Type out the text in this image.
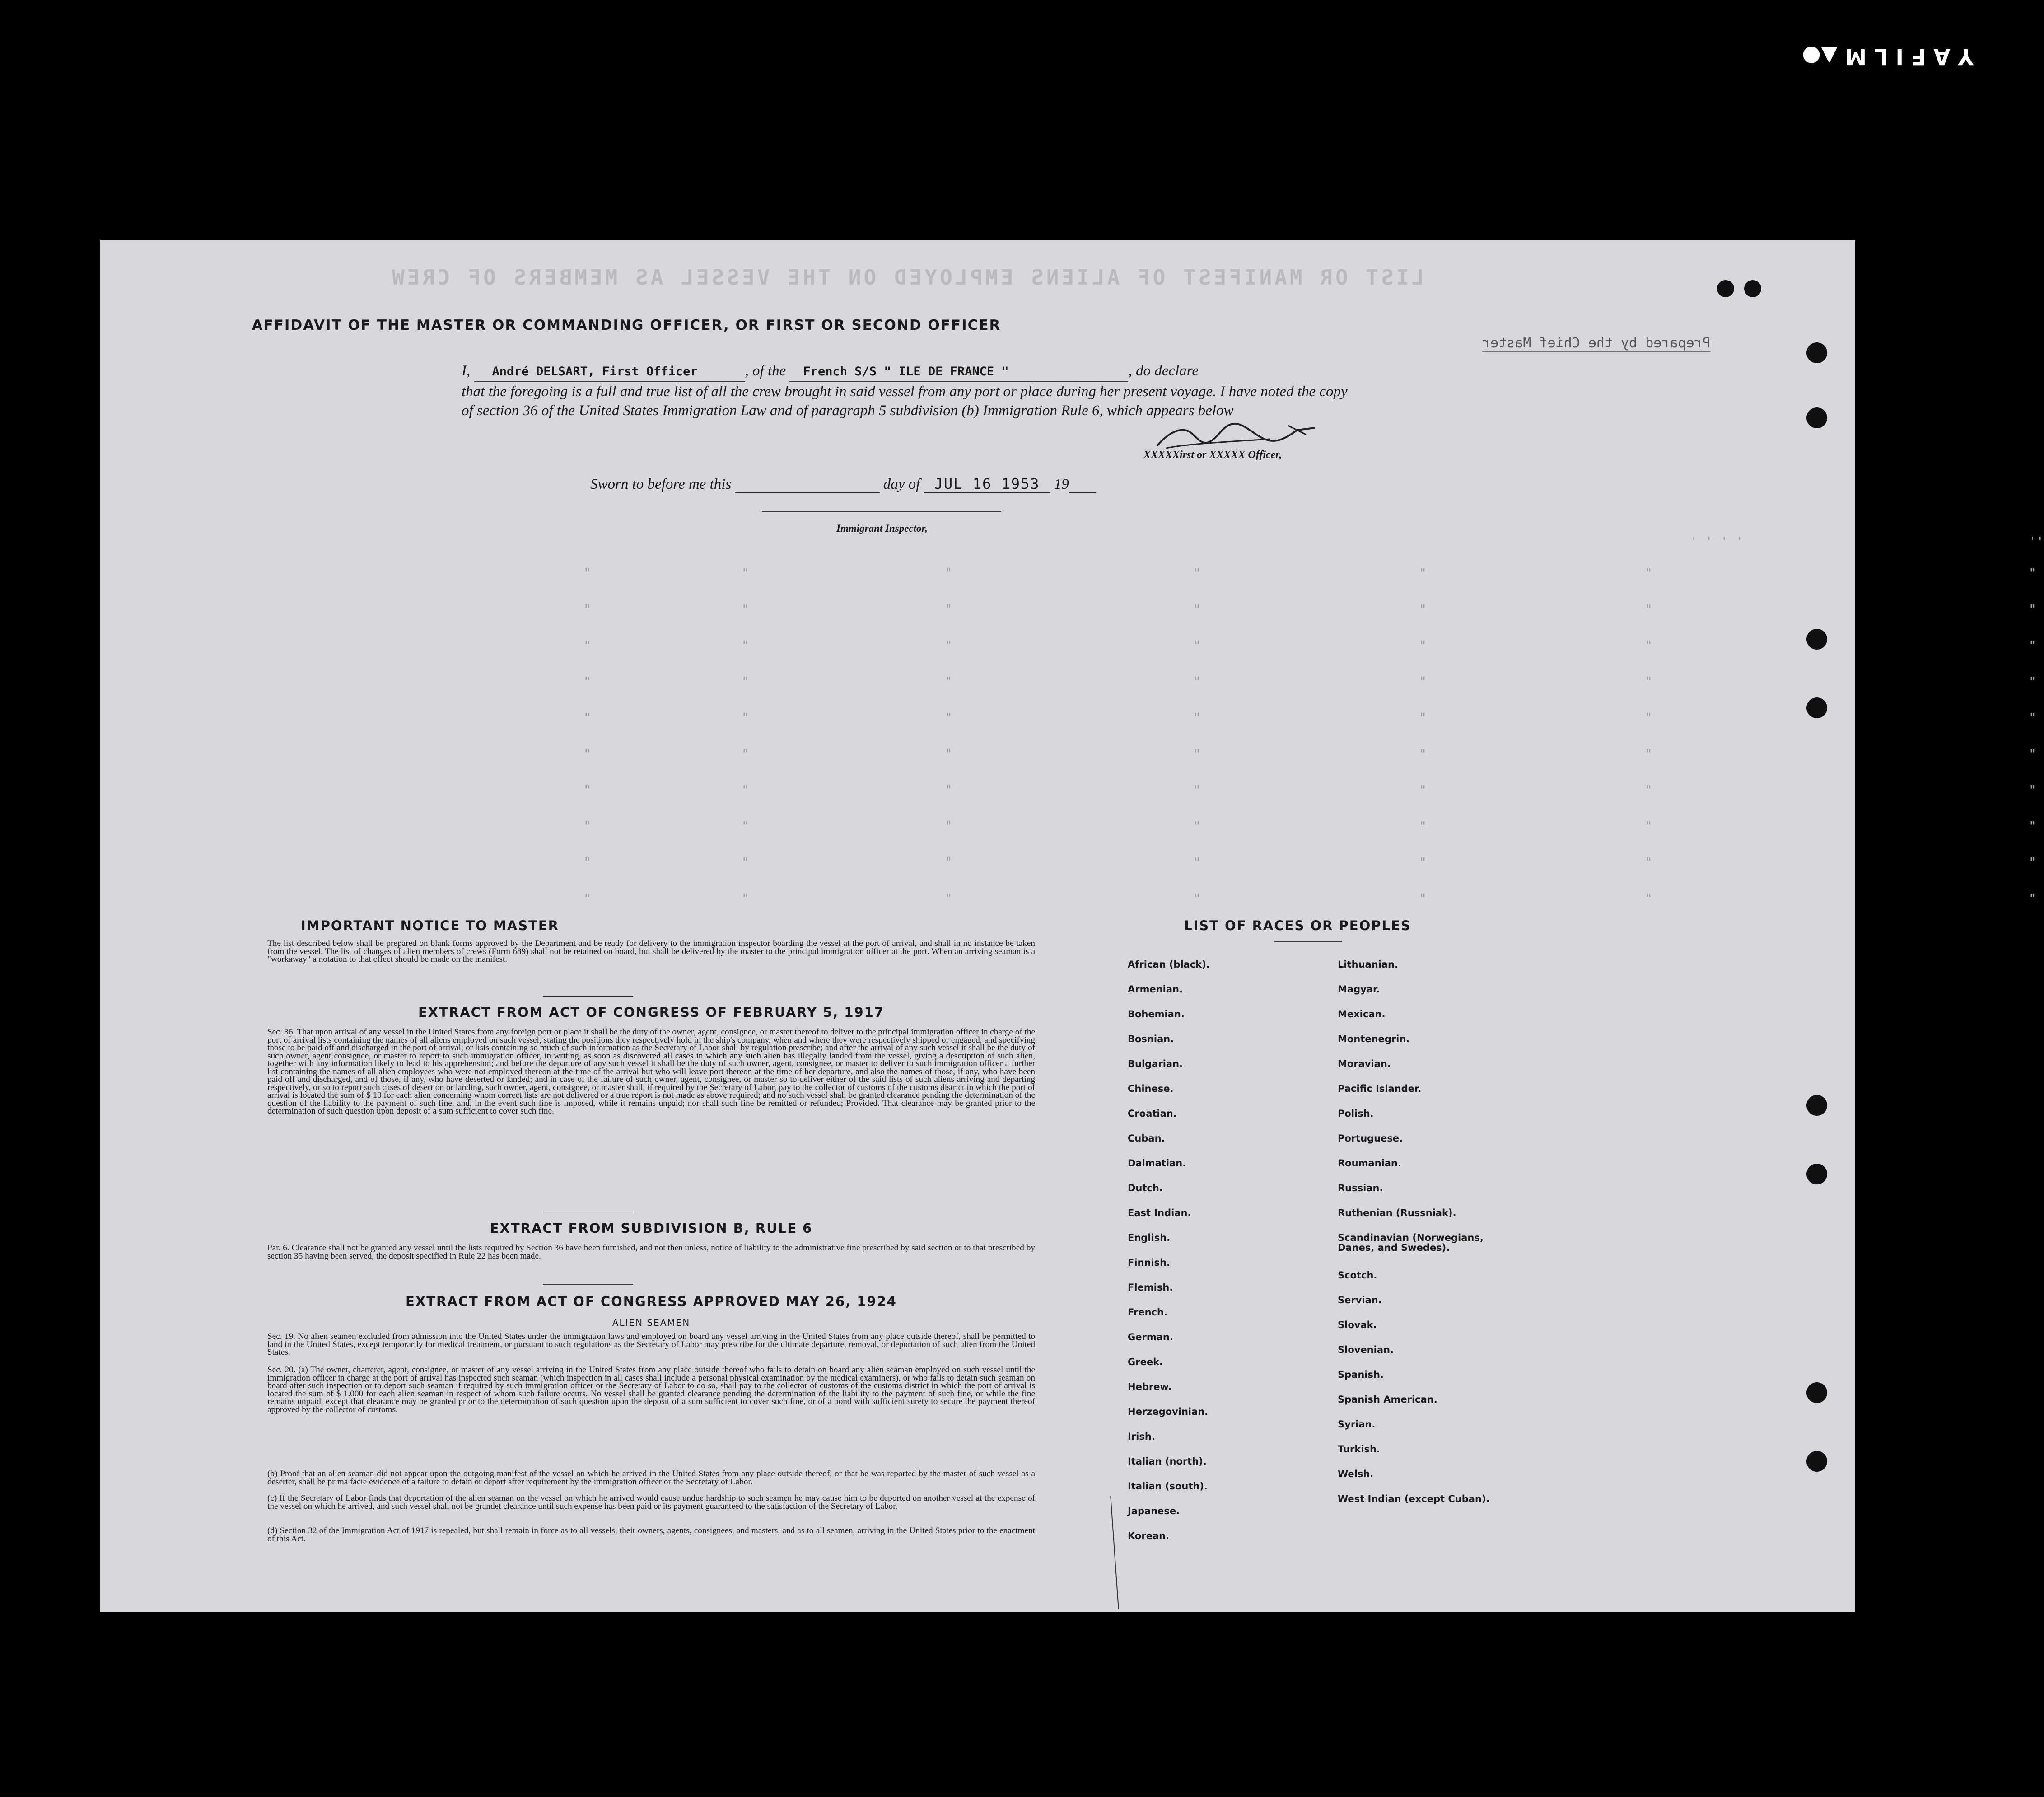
Y A F I L M ▲●
LIST OR MANIFEST OF ALIENS EMPLOYED ON THE VESSEL AS MEMBERS OF CREW
Prepared by the Chief Master
' ' ' '	''
"	"	"	"	"	"	"
"	"	"	"	"	"	"
"	"	"	"	"	"	"
"	"	"	"	"	"	"
"	"	"	"	"	"	"
"	"	"	"	"	"	"
"	"	"	"	"	"	"
"	"	"	"	"	"	"
"	"	"	"	"	"	"
"	"	"	"	"	"	"
AFFIDAVIT OF THE MASTER OR COMMANDING OFFICER, OR FIRST OR SECOND OFFICER
I, André DELSART, First Officer	, of the French S/S " ILE DE FRANCE "	, do declare
that the foregoing is a full and true list of all the crew brought in said vessel from any port or place during her present voyage. I have noted the copy of section 36 of the United States Immigration Law and of paragraph 5 subdivision (b) Immigration Rule 6, which appears below
XXXXXirst or XXXXX Officer,
Sworn to before me this	day of JUL 16 1953 19
Immigrant Inspector,
IMPORTANT NOTICE TO MASTER
The list described below shall be prepared on blank forms approved by the Department and be ready for delivery to the immigration inspector boarding the vessel at the port of arrival, and shall in no instance be taken from the vessel. The list of changes of alien members of crews (Form 689) shall not be retained on board, but shall be delivered by the master to the principal immigration officer at the port. When an arriving seaman is a "workaway" a notation to that effect should be made on the manifest.
EXTRACT FROM ACT OF CONGRESS OF FEBRUARY 5, 1917
Sec. 36. That upon arrival of any vessel in the United States from any foreign port or place it shall be the duty of the owner, agent, consignee, or master thereof to deliver to the principal immigration officer in charge of the port of arrival lists containing the names of all aliens employed on such vessel, stating the positions they respectively hold in the ship's company, when and where they were respectively shipped or engaged, and specifying those to be paid off and discharged in the port of arrival; or lists containing so much of such information as the Secretary of Labor shall by regulation prescribe; and after the arrival of any such vessel it shall be the duty of such owner, agent consignee, or master to report to such immigration officer, in writing, as soon as discovered all cases in which any such alien has illegally landed from the vessel, giving a description of such alien, together with any information likely to lead to his apprehension; and before the departure of any such vessel it shall be the duty of such owner, agent, consignee, or master to deliver to such immigration officer a further list containing the names of all alien employees who were not employed thereon at the time of the arrival but who will leave port thereon at the time of her departure, and also the names of those, if any, who have been paid off and discharged, and of those, if any, who have deserted or landed; and in case of the failure of such owner, agent, consignee, or master so to deliver either of the said lists of such aliens arriving and departing respectively, or so to report such cases of desertion or landing, such owner, agent, consignee, or master shall, if required by the Secretary of Labor, pay to the collector of customs of the customs district in which the port of arrival is located the sum of $ 10 for each alien concerning whom correct lists are not delivered or a true report is not made as above required; and no such vessel shall be granted clearance pending the determination of the question of the liability to the payment of such fine, and, in the event such fine is imposed, while it remains unpaid; nor shall such fine be remitted or refunded; Provided. That clearance may be granted prior to the determination of such question upon deposit of a sum sufficient to cover such fine.
EXTRACT FROM SUBDIVISION B, RULE 6
Par. 6. Clearance shall not be granted any vessel until the lists required by Section 36 have been furnished, and not then unless, notice of liability to the administrative fine prescribed by said section or to that prescribed by section 35 having been served, the deposit specified in Rule 22 has been made.
EXTRACT FROM ACT OF CONGRESS APPROVED MAY 26, 1924
ALIEN SEAMEN
Sec. 19. No alien seamen excluded from admission into the United States under the immigration laws and employed on board any vessel arriving in the United States from any place outside thereof, shall be permitted to land in the United States, except temporarily for medical treatment, or pursuant to such regulations as the Secretary of Labor may prescribe for the ultimate departure, removal, or deportation of such alien from the United States.
Sec. 20. (a) The owner, charterer, agent, consignee, or master of any vessel arriving in the United States from any place outside thereof who fails to detain on board any alien seaman employed on such vessel until the immigration officer in charge at the port of arrival has inspected such seaman (which inspection in all cases shall include a personal physical examination by the medical examiners), or who fails to detain such seaman on board after such inspection or to deport such seaman if required by such immigration officer or the Secretary of Labor to do so, shall pay to the collector of customs of the customs district in which the port of arrival is located the sum of $ 1.000 for each alien seaman in respect of whom such failure occurs. No vessel shall be granted clearance pending the determination of the liability to the payment of such fine, or while the fine remains unpaid, except that clearance may be granted prior to the determination of such question upon the deposit of a sum sufficient to cover such fine, or of a bond with sufficient surety to secure the payment thereof approved by the collector of customs.
(b) Proof that an alien seaman did not appear upon the outgoing manifest of the vessel on which he arrived in the United States from any place outside thereof, or that he was reported by the master of such vessel as a deserter, shall be prima facie evidence of a failure to detain or deport after requirement by the immigration officer or the Secretary of Labor.
(c) If the Secretary of Labor finds that deportation of the alien seaman on the vessel on which he arrived would cause undue hardship to such seamen he may cause him to be deported on another vessel at the expense of the vessel on which he arrived, and such vessel shall not be grandet clearance until such expense has been paid or its payment guaranteed to the satisfaction of the Secretary of Labor.
(d) Section 32 of the Immigration Act of 1917 is repealed, but shall remain in force as to all vessels, their owners, agents, consignees, and masters, and as to all seamen, arriving in the United States prior to the enactment of this Act.
LIST OF RACES OR PEOPLES
African (black).
Armenian.
Bohemian.
Bosnian.
Bulgarian.
Chinese.
Croatian.
Cuban.
Dalmatian.
Dutch.
East Indian.
English.
Finnish.
Flemish.
French.
German.
Greek.
Hebrew.
Herzegovinian.
Irish.
Italian (north).
Italian (south).
Japanese.
Korean.
Lithuanian.
Magyar.
Mexican.
Montenegrin.
Moravian.
Pacific Islander.
Polish.
Portuguese.
Roumanian.
Russian.
Ruthenian (Russniak).
Scandinavian (Norwegians, Danes, and Swedes).
Scotch.
Servian.
Slovak.
Slovenian.
Spanish.
Spanish American.
Syrian.
Turkish.
Welsh.
West Indian (except Cuban).
